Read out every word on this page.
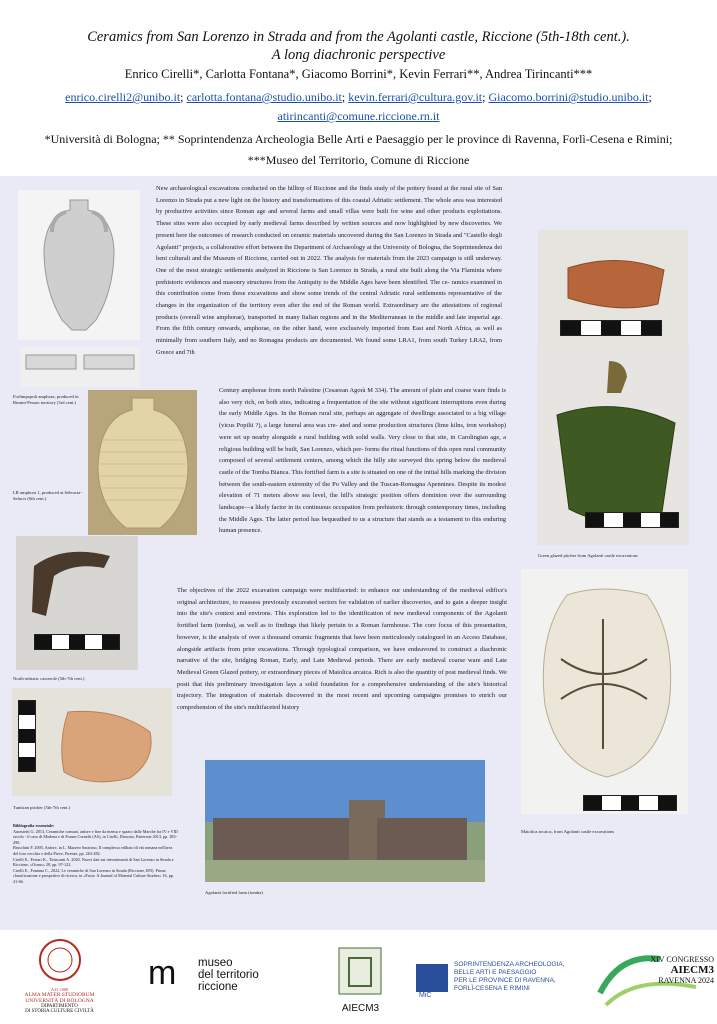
Ceramics from San Lorenzo in Strada and from the Agolanti castle, Riccione (5th-18th cent.).
A long diachronic perspective
Enrico Cirelli*, Carlotta Fontana*, Giacomo Borrini*, Kevin Ferrari**, Andrea Tirincanti***
enrico.cirelli2@unibo.it; carlotta.fontana@studio.unibo.it; kevin.ferrari@cultura.gov.it; Giacomo.borrini@studio.unibo.it;
atirincanti@comune.riccione.rn.it
*Università di Bologna; ** Soprintendenza Archeologia Belle Arti e Paesaggio per le province di Ravenna, Forlì-Cesena e Rimini;
***Museo del Territorio, Comune di Riccione
Forlimpopoli amphora, produced in Rimini-Pesaro territory (3rd cent.)
LR amphora 1, produced at Seleucia-Selucis (6th cent.)
North-adriatic casserole (5th-7th cent.)
Tunisian pitcher (5th-7th cent.)
Bibliografia essenziale:
Aurastetti G. 2013, Ceramiche comuni, anfore e fine da mensa e spazio dalle Marche fra IV e VIII secolo - il caso di Modena e di Forum Cornelii (AS), in Cirelli, Diosono, Patterson 2013, pp. 283-290.
Bruschini F. 2005, Anfore, in L. Mazzeo Saracino, Il complesso edilizio di età romana nell'area del foro vecchio e della Pieve, Firenze, pp. 263-282.
Cirelli E., Ferrari K., Tirincanti A. 2020, Nuovi dati sui rinvenimenti di San Lorenzo in Strada a Riccione, «Ocnus» 28, pp. 97-122.
Cirelli E., Fontana C., 2022, Le ceramiche di San Lorenzo in Strada (Riccione, RN). Prima classificazione e prospettive di ricerca, in «Facta. A Journal of Material Culture Studies» 16, pp. 41-66.
New archaeological excavations conducted on the hilltop of Riccione and the finds study of the pottery found at the rural site of San Lorenzo in Strada put a new light on the history and transformations of this coastal Adriatic settlement. The whole area was interested by productive activities since Roman age and several farms and small villas were built for wine and other products exploitations. These sites were also occupied by early medieval farms described by written sources and now highlighted by new discoveries. We present here the outcomes of research conducted on ceramic materials uncovered during the San Lorenzo in Strada and "Castello degli Agolanti" projects, a collaborative effort between the Department of Archaeology at the University of Bologna, the Soprintendenza dei beni culturali and the Museum of Riccione, carried out in 2022. The analysis for materials from the 2023 campaign is still underway. One of the most strategic settlements analyzed in Riccione is San Lorenzo in Strada, a rural site built along the Via Flaminia where prehistoric evidences and masonry structures from the Antiquity to the Middle Ages have been identified. The ce- ramics examined in this contribution come from these excavations and show some trends of the central Adriatic rural settlements representative of the changes in the organization of the territory even after the end of the Roman world. Extraordinary are the attestations of regional products (overall wine amphorae), transported in many Italian regions and in the Mediterranean in the middle and late imperial age. From the fifth century onwards, amphorae, on the other hand, were exclusively imported from East and North Africa, as well as minimally from southern Italy, and no Romagna products are documented. We found some LRA1, from south Turkey LRA2, from Greece and 7th
Century amphorae from north Palestine (Cesarean Agorà M 334). The amount of plain and coarse ware finds is also very rich, on both sites, indicating a frequentation of the site without significant interruptions even during the early Middle Ages. In the Roman rural site, perhaps an aggregate of dwellings associated to a big village (vicus Popilii ?), a large funeral area was cre- ated and some production structures (lime kilns, iron workshop) were set up nearby alongside a rural building with solid walls. Very close to that site, in Carolingian age, a religious building will be built, San Lorenzo, which per- forms the ritual functions of this open rural community composed of several settlement centers, among which the hilly site surveyed this spring below the medieval castle of the Tomba Bianca. This fortified farm is a site is situated on one of the initial hills marking the division between the south-eastern extremity of the Po Valley and the Tuscan-Romagna Apennines. Despite its modest elevation of 71 meters above sea level, the hill's strategic position offers dominion over the surrounding landscape—a likely factor in its continuous occupation from prehistoric through contemporary times, including the Middle Ages. The latter period has bequeathed to us a structure that stands as a testament to this enduring human presence.
The objectives of the 2022 excavation campaign were multifaceted: to enhance our understanding of the medieval edifice's original architecture, to reassess previously excavated sectors for validation of earlier discoveries, and to gain a deeper insight into the site's context and environs. This exploration led to the identification of new medieval components of the Agolanti fortified farm (tomba), as well as to findings that likely pertain to a Roman farmhouse. The core focus of this presentation, however, is the analysis of over a thousand ceramic fragments that have been meticulously catalogued in an Access Database, alongside artifacts from prior excavations. Through typological comparison, we have endeavored to construct a diachronic narrative of the site, bridging Roman, Early, and Late Medieval periods. There are early medieval coarse ware and Late Medieval Green Glazed pottery, or extraordinary pieces of Maiolica arcaica. Rich is also the quantity of post medieval finds. We posit that this preliminary investigation lays a solid foundation for a comprehensive understanding of the site's historical trajectory. The integration of materials discovered in the most recent and upcoming campaigns promises to enrich our comprehension of the site's multifaceted history
Agolanti fortified farm (tomba)
Green glazed pitcher from Agolanti castle excavations
Maiolica arcaica, from Agolanti castle excavations
A.D. 1088
ALMA MATER STUDIORUM
UNIVERSITÀ DI BOLOGNA
DIPARTIMENTO
DI STORIA CULTURE CIVILTÀ
m museo
del territorio
riccione
AIECM3
MiC
SOPRINTENDENZA ARCHEOLOGIA,
BELLE ARTI E PAESAGGIO
PER LE PROVINCE DI RAVENNA,
FORLÌ-CESENA E RIMINI
XIV CONGRESSO
AIECM3
RAVENNA 2024
